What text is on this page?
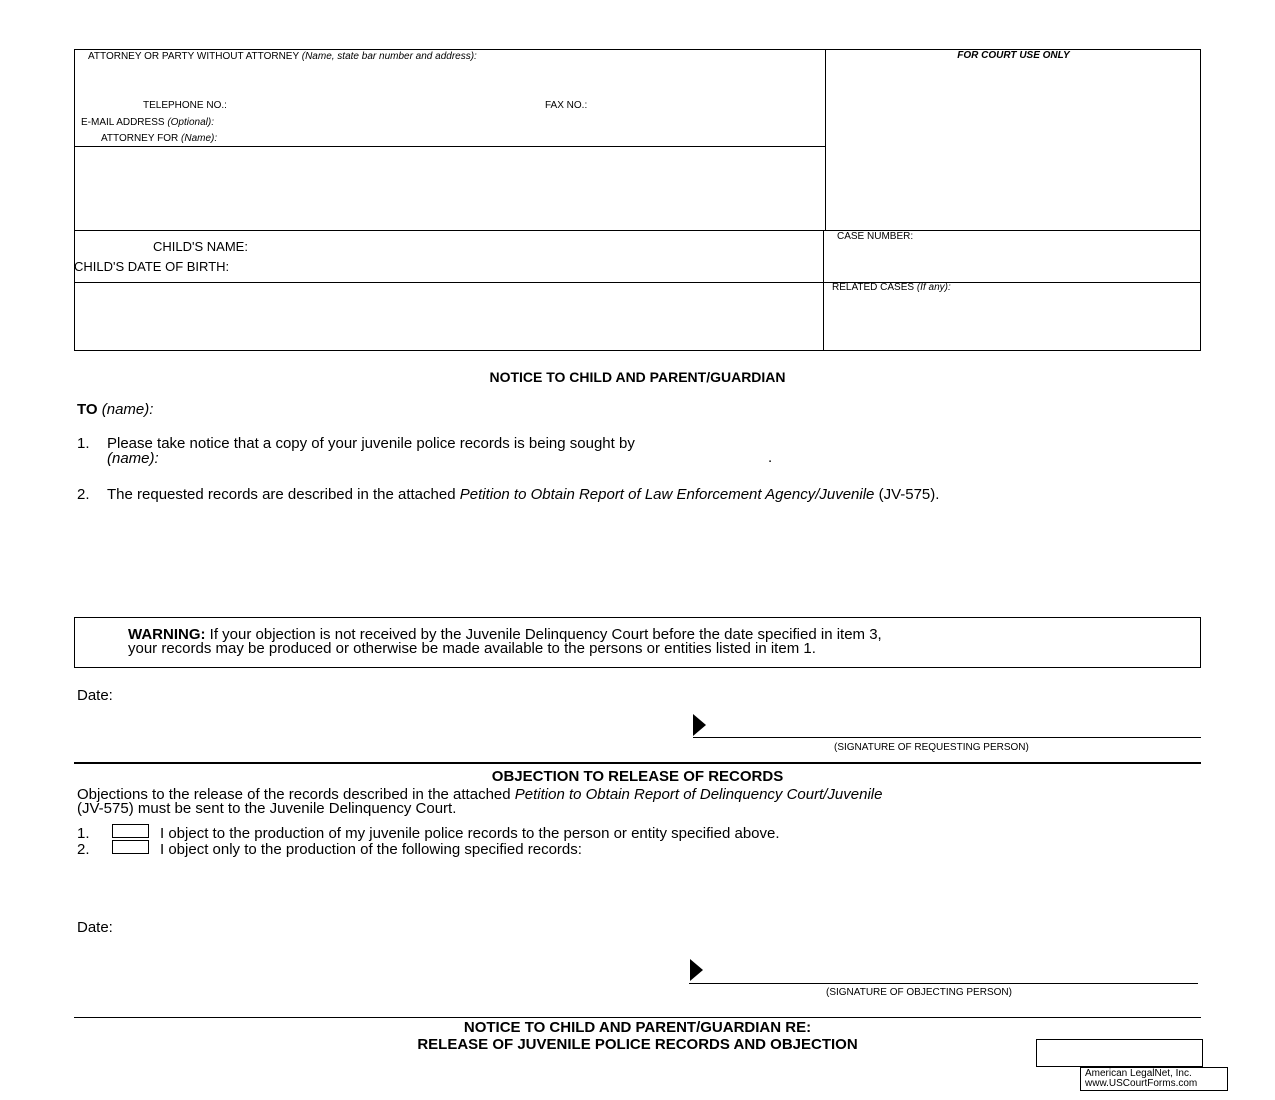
ATTORNEY OR PARTY WITHOUT ATTORNEY (Name, state bar number and address):
TELEPHONE NO.:	FAX NO.:
E-MAIL ADDRESS (Optional):
ATTORNEY FOR (Name):
FOR COURT USE ONLY
CHILD'S NAME:
CHILD'S DATE OF BIRTH:
CASE NUMBER:
RELATED CASES (If any):
NOTICE TO CHILD AND PARENT/GUARDIAN
TO (name):
1. Please take notice that a copy of your juvenile police records is being sought by
(name):	.
2. The requested records are described in the attached Petition to Obtain Report of Law Enforcement Agency/Juvenile (JV-575).
WARNING: If your objection is not received by the Juvenile Delinquency Court before the date specified in item 3,
your records may be produced or otherwise be made available to the persons or entities listed in item 1.
Date:
(SIGNATURE OF REQUESTING PERSON)
OBJECTION TO RELEASE OF RECORDS
Objections to the release of the records described in the attached Petition to Obtain Report of Delinquency Court/Juvenile
(JV-575) must be sent to the Juvenile Delinquency Court.
1.	I object to the production of my juvenile police records to the person or entity specified above.
2.	I object only to the production of the following specified records:
Date:
(SIGNATURE OF OBJECTING PERSON)
NOTICE TO CHILD AND PARENT/GUARDIAN RE:
RELEASE OF JUVENILE POLICE RECORDS AND OBJECTION
American LegalNet, Inc.
www.USCourtForms.com
